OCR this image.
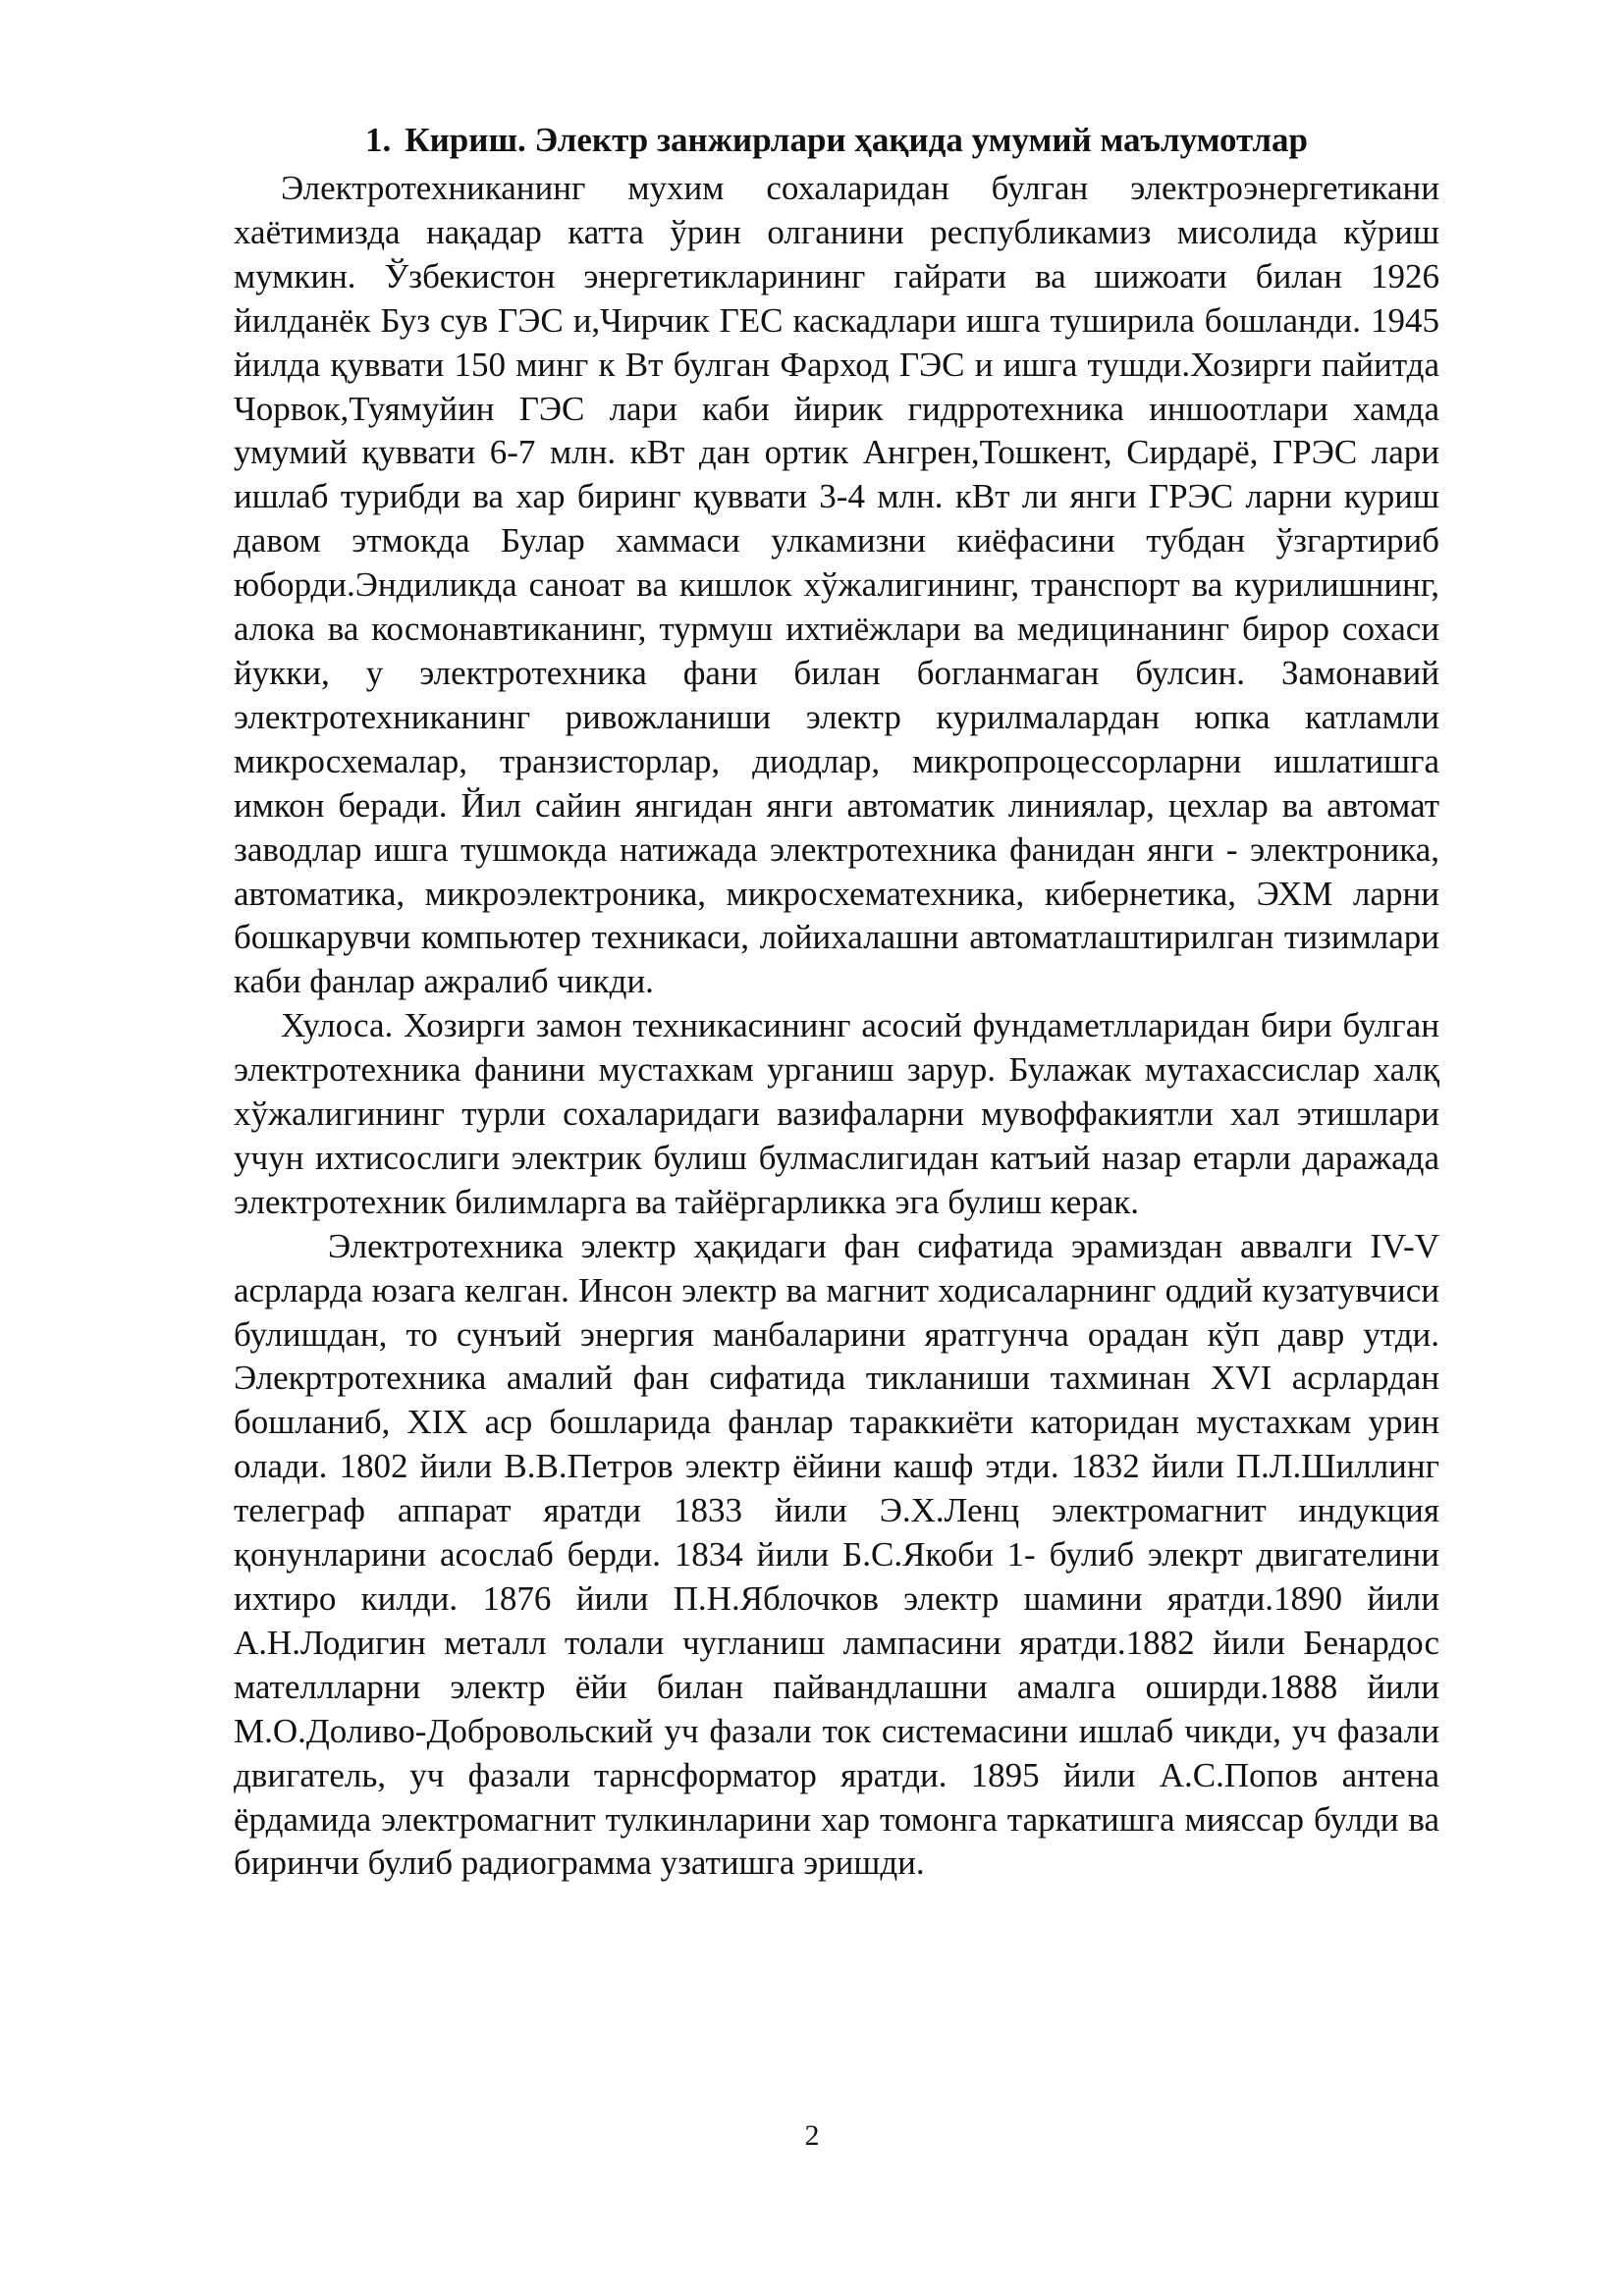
1. Кириш. Электр занжирлари ҳақида умумий маълумотлар

Электротехниканинг мухим сохаларидан булган электроэнергетикани хаётимизда нақадар катта ўрин олганини республикамиз мисолида кўриш мумкин. Ўзбекистон энергетикларининг гайрати ва шижоати билан 1926 йилданёк Буз сув ГЭС и,Чирчик ГЕС каскадлари ишга туширила бошланди. 1945 йилда қуввати 150 минг к Вт булган Фарход ГЭС и ишга тушди.Хозирги пайитда Чорвок,Туямуйин ГЭС лари каби йирик гидрротехника иншоотлари хамда умумий қуввати 6-7 млн. кВт дан ортик Ангрен,Тошкент, Сирдарё, ГРЭС лари ишлаб турибди ва хар биринг қуввати 3-4 млн. кВт ли янги ГРЭС ларни куриш давом этмокда Булар хаммаси улкамизни киёфасини тубдан ўзгартириб юборди.Эндиликда саноат ва кишлок хўжалигининг, транспорт ва курилишнинг, алока ва космонавтиканинг, турмуш ихтиёжлари ва медицинанинг бирор сохаси йукки, у электротехника фани билан богланмаган булсин. Замонавий электротехниканинг ривожланиши электр курилмалардан юпка катламли микросхемалар, транзисторлар, диодлар, микропроцессорларни ишлатишга имкон беради. Йил сайин янгидан янги автоматик линиялар, цехлар ва автомат заводлар ишга тушмокда натижада электротехника фанидан янги - электроника, автоматика, микроэлектроника, микросхематехника, кибернетика, ЭХМ ларни бошкарувчи компьютер техникаси, лойихалашни автоматлаштирилган тизимлари каби фанлар ажралиб чикди.

Хулоса. Хозирги замон техникасининг асосий фундаметлларидан бири булган электротехника фанини мустахкам урганиш зарур. Булажак мутахассислар халқ хўжалигининг турли сохаларидаги вазифаларни мувоффакиятли хал этишлари учун ихтисослиги электрик булиш булмаслигидан катъий назар етарли даражада электротехник билимларга ва тайёргарликка эга булиш керак.

Электротехника электр ҳақидаги фан сифатида эрамиздан аввалги IV-V асрларда юзага келган. Инсон электр ва магнит ходисаларнинг оддий кузатувчиси булишдан, то сунъий энергия манбаларини яратгунча орадан кўп давр утди. Элекртротехника амалий фан сифатида тикланиши тахминан XVI асрлардан бошланиб, XIX аср бошларида фанлар тараккиёти каторидан мустахкам урин олади. 1802 йили В.В.Петров электр ёйини кашф этди. 1832 йили П.Л.Шиллинг телеграф аппарат яратди 1833 йили Э.Х.Ленц электромагнит индукция қонунларини асослаб берди. 1834 йили Б.С.Якоби 1- булиб элекрт двигателини ихтиро килди. 1876 йили П.Н.Яблочков электр шамини яратди.1890 йили А.Н.Лодигин металл толали чугланиш лампасини яратди.1882 йили Бенардос мателлларни электр ёйи билан пайвандлашни амалга оширди.1888 йили М.О.Доливо-Добровольский уч фазали ток системасини ишлаб чикди, уч фазали двигатель, уч фазали тарнсформатор яратди. 1895 йили А.С.Попов антена ёрдамида электромагнит тулкинларини хар томонга таркатишга мияссар булди ва биринчи булиб радиограмма узатишга эришди.

2
